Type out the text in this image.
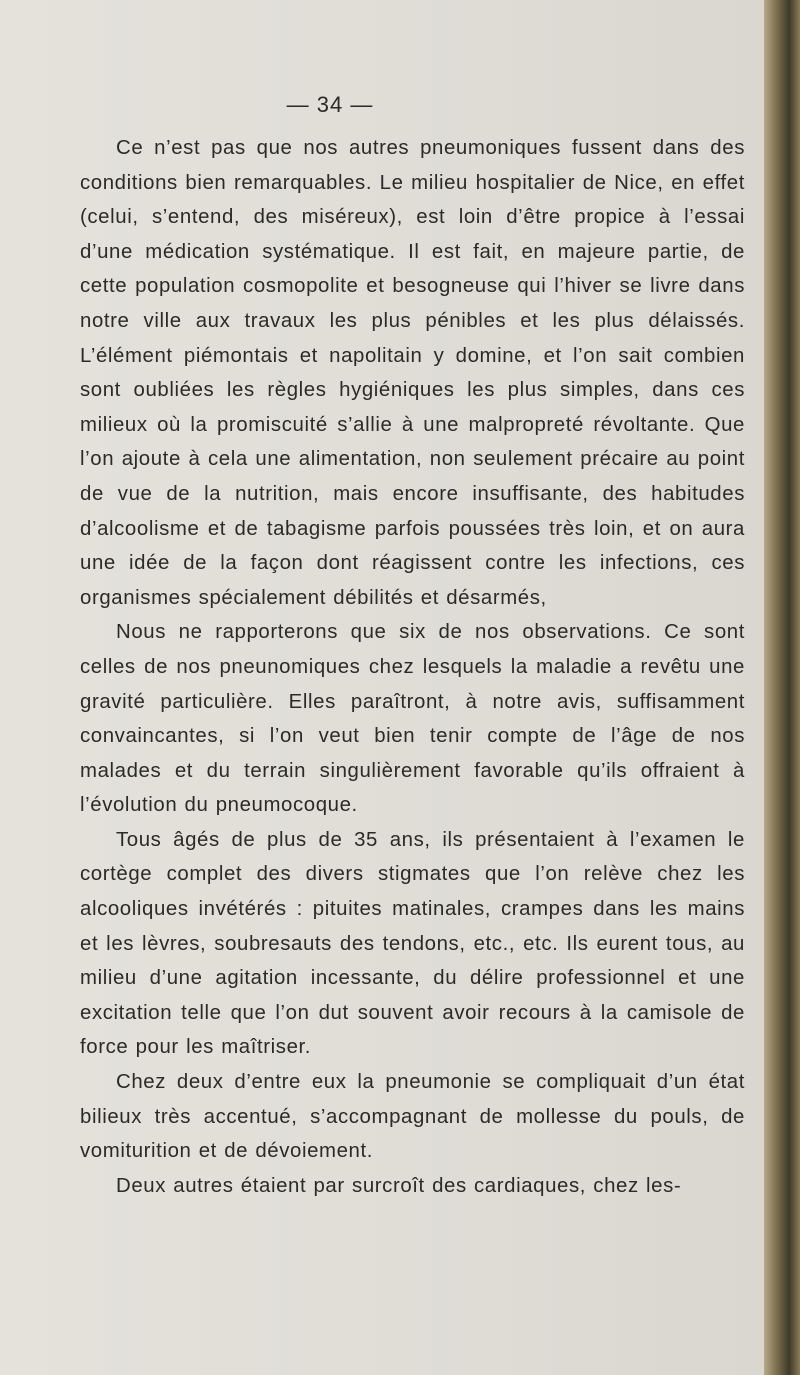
— 34 —

Ce n’est pas que nos autres pneumoniques fussent dans des conditions bien remarquables. Le milieu hospitalier de Nice, en effet (celui, s’entend, des miséreux), est loin d’être propice à l’essai d’une médication systématique. Il est fait, en majeure partie, de cette population cosmopolite et besogneuse qui l’hiver se livre dans notre ville aux travaux les plus pénibles et les plus délaissés. L’élément piémontais et napolitain y domine, et l’on sait combien sont oubliées les règles hygiéniques les plus simples, dans ces milieux où la promiscuité s’allie à une malpropreté révoltante. Que l’on ajoute à cela une alimentation, non seulement précaire au point de vue de la nutrition, mais encore insuffisante, des habitudes d’alcoolisme et de tabagisme parfois poussées très loin, et on aura une idée de la façon dont réagissent contre les infections, ces organismes spécialement débilités et désarmés,

Nous ne rapporterons que six de nos observations. Ce sont celles de nos pneunomiques chez lesquels la maladie a revêtu une gravité particulière. Elles paraîtront, à notre avis, suffisamment convaincantes, si l’on veut bien tenir compte de l’âge de nos malades et du terrain singulièrement favorable qu’ils offraient à l’évolution du pneumocoque.

Tous âgés de plus de 35 ans, ils présentaient à l’examen le cortège complet des divers stigmates que l’on relève chez les alcooliques invétérés : pituites matinales, crampes dans les mains et les lèvres, soubresauts des tendons, etc., etc. Ils eurent tous, au milieu d’une agitation incessante, du délire professionnel et une excitation telle que l’on dut souvent avoir recours à la camisole de force pour les maîtriser.

Chez deux d’entre eux la pneumonie se compliquait d’un état bilieux très accentué, s’accompagnant de mollesse du pouls, de vomiturition et de dévoiement.

Deux autres étaient par surcroît des cardiaques, chez les-
